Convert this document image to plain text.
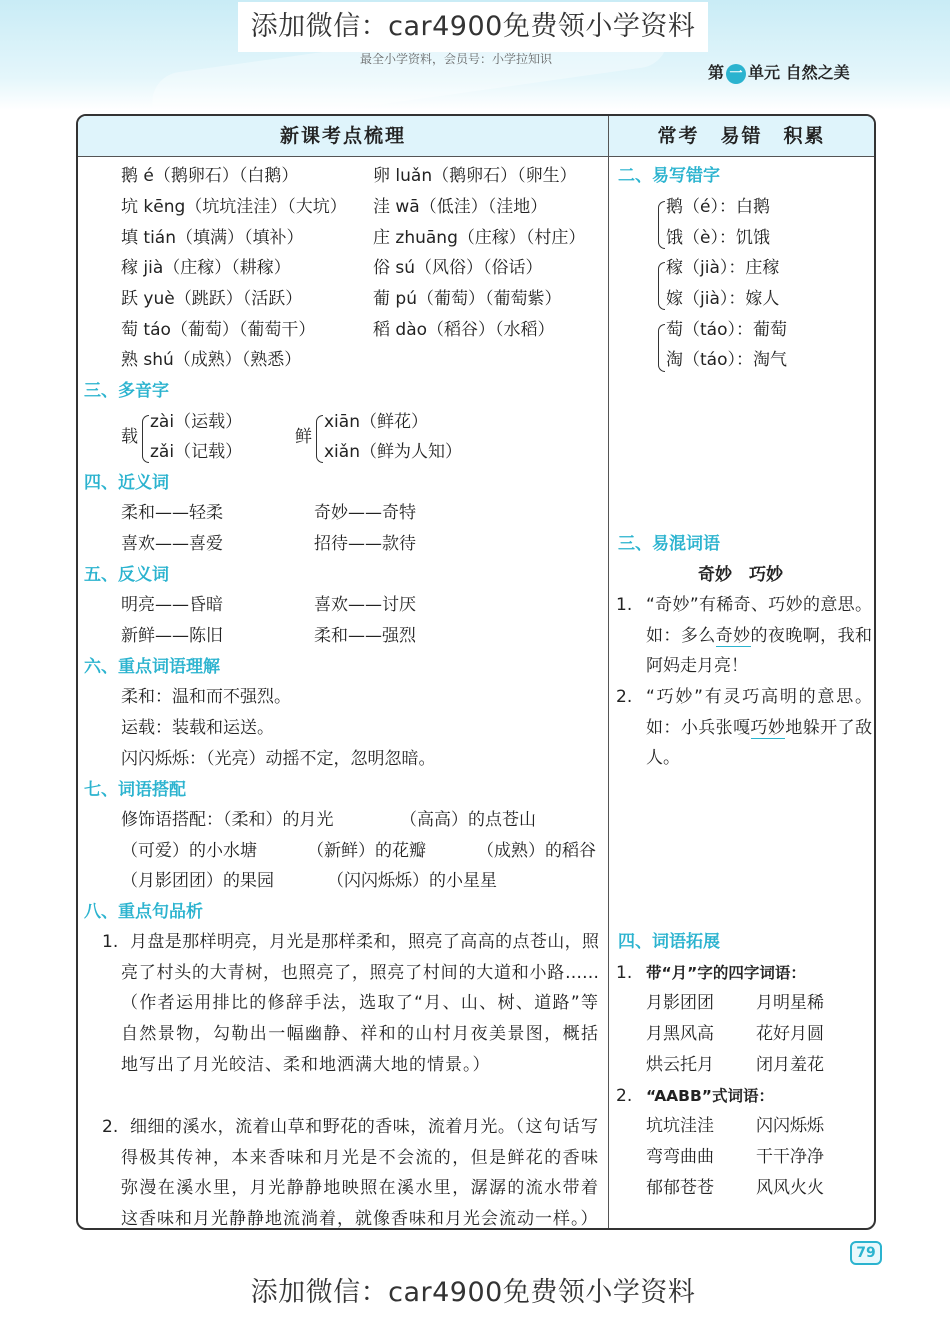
添加微信：car4900免费领小学资料
最全小学资料，会员号：小学拉知识
第 一 单元 自然之美
新课考点梳理	常考　易错　积累
鹅 é（鹅卵石）（白鹅）	卵 luǎn（鹅卵石）（卵生）
坑 kēng（坑坑洼洼）（大坑） 洼 wā（低洼）（洼地）
填 tián（填满）（填补）	庄 zhuāng（庄稼）（村庄）
稼 jià（庄稼）（耕稼）	俗 sú（风俗）（俗话）
跃 yuè（跳跃）（活跃）	葡 pú（葡萄）（葡萄紫）
萄 táo（葡萄）（葡萄干）	稻 dào（稻谷）（水稻）
熟 shú（成熟）（熟悉）
三、多音字
载
zài（运载）
zǎi（记载）
鲜
xiān（鲜花）
xiǎn（鲜为人知）
四、近义词
柔和——轻柔	奇妙——奇特
喜欢——喜爱	招待——款待
五、反义词
明亮——昏暗	喜欢——讨厌
新鲜——陈旧	柔和——强烈
六、重点词语理解
柔和：温和而不强烈。
运载：装载和运送。
闪闪烁烁：（光亮）动摇不定，忽明忽暗。
七、词语搭配
修饰语搭配：（柔和）的月光	（高高）的点苍山
（可爱）的小水塘	（新鲜）的花瓣	（成熟）的稻谷
（月影团团）的果园	（闪闪烁烁）的小星星
八、重点句品析
1. 月盘是那样明亮，月光是那样柔和，照亮了高高的点苍山，照亮了村头的大青树，也照亮了，照亮了村间的大道和小路……（作者运用排比的修辞手法，选取了“月、山、树、道路”等自然景物，勾勒出一幅幽静、祥和的山村月夜美景图，概括地写出了月光皎洁、柔和地洒满大地的情景。）
2. 细细的溪水，流着山草和野花的香味，流着月光。（这句话写得极其传神，本来香味和月光是不会流的，但是鲜花的香味弥漫在溪水里，月光静静地映照在溪水里，潺潺的流水带着这香味和月光静静地流淌着，就像香味和月光会流动一样。）
二、易写错字
鹅（é）：白鹅
饿（è）：饥饿
稼（jià）：庄稼
嫁（jià）：嫁人
萄（táo）：葡萄
淘（táo）：淘气
三、易混词语
奇妙　巧妙
1. “奇妙”有稀奇、巧妙的意思。如：多么奇妙的夜晚啊，我和阿妈走月亮！
2. “巧妙”有灵巧高明的意思。如：小兵张嘎巧妙地躲开了敌人。
四、词语拓展
1. 带“月”字的四字词语：
月影团团 月明星稀
月黑风高 花好月圆
烘云托月 闭月羞花
2. “AABB”式词语：
坑坑洼洼 闪闪烁烁
弯弯曲曲 干干净净
郁郁苍苍 风风火火
79
添加微信：car4900免费领小学资料
